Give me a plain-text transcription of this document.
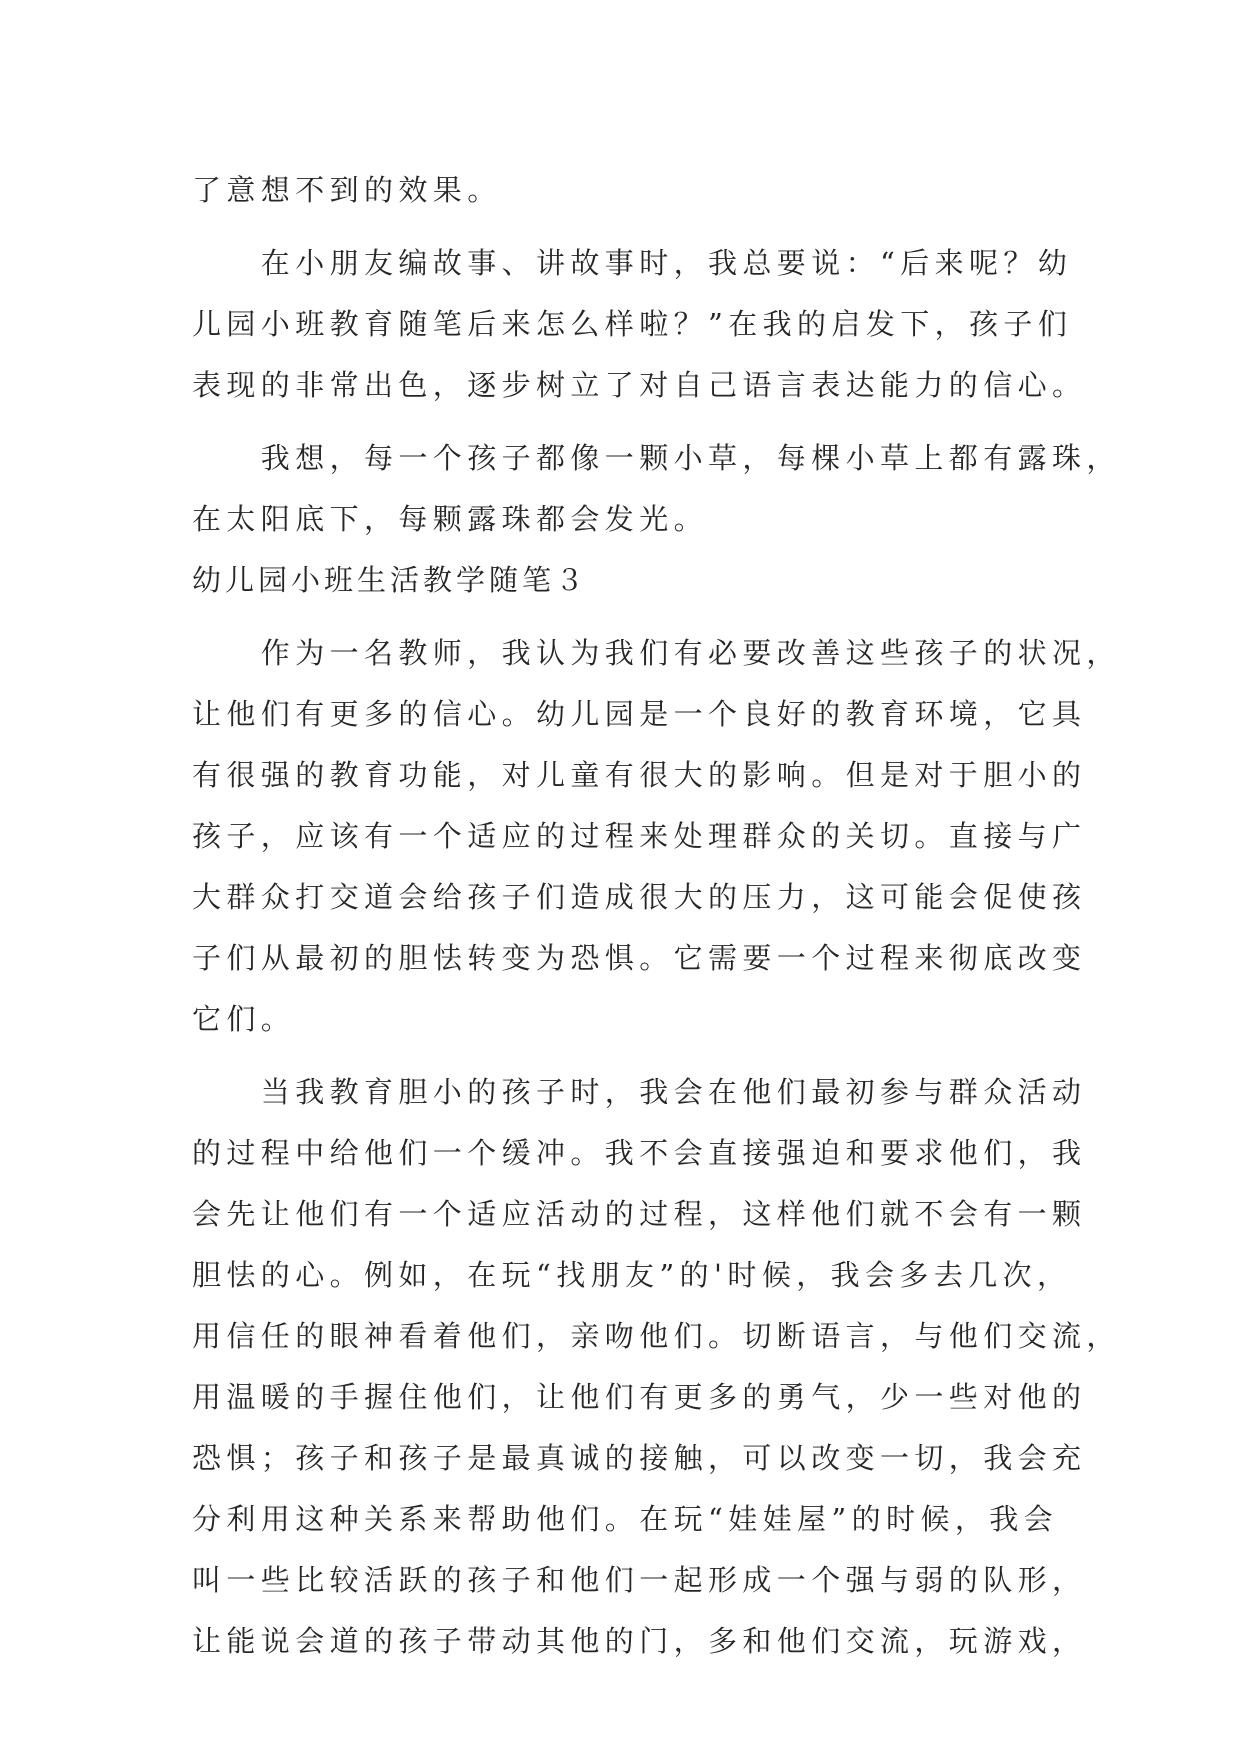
了意想不到的效果。
　　在小朋友编故事、讲故事时，我总要说：“后来呢？幼
儿园小班教育随笔后来怎么样啦？”在我的启发下，孩子们
表现的非常出色，逐步树立了对自己语言表达能力的信心。
　　我想，每一个孩子都像一颗小草，每棵小草上都有露珠，
在太阳底下，每颗露珠都会发光。
幼儿园小班生活教学随笔３
　　作为一名教师，我认为我们有必要改善这些孩子的状况，
让他们有更多的信心。幼儿园是一个良好的教育环境，它具
有很强的教育功能，对儿童有很大的影响。但是对于胆小的
孩子，应该有一个适应的过程来处理群众的关切。直接与广
大群众打交道会给孩子们造成很大的压力，这可能会促使孩
子们从最初的胆怯转变为恐惧。它需要一个过程来彻底改变
它们。
　　当我教育胆小的孩子时，我会在他们最初参与群众活动
的过程中给他们一个缓冲。我不会直接强迫和要求他们，我
会先让他们有一个适应活动的过程，这样他们就不会有一颗
胆怯的心。例如，在玩“找朋友”的'时候，我会多去几次，
用信任的眼神看着他们，亲吻他们。切断语言，与他们交流，
用温暖的手握住他们，让他们有更多的勇气，少一些对他的
恐惧；孩子和孩子是最真诚的接触，可以改变一切，我会充
分利用这种关系来帮助他们。在玩“娃娃屋”的时候，我会
叫一些比较活跃的孩子和他们一起形成一个强与弱的队形，
让能说会道的孩子带动其他的门，多和他们交流，玩游戏，
